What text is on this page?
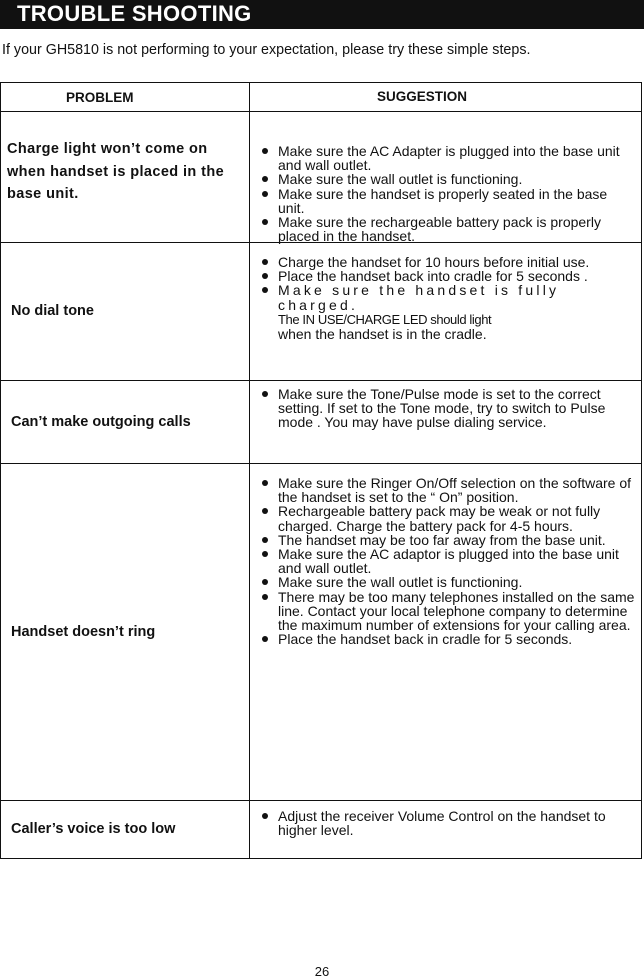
TROUBLE SHOOTING
If your GH5810 is not performing to your expectation, please try these simple steps.
PROBLEM	SUGGESTION
Charge light won’t come on when handset is placed in the base unit.
Make sure the AC Adapter is plugged into the base unit and wall outlet.
Make sure the wall outlet is functioning.
Make sure the handset is properly seated in the base unit.
Make sure the rechargeable battery pack is properly placed in the handset.
No dial tone
Charge the handset for 10 hours before initial use.
Place the handset back into cradle for 5 seconds .
Make sure the handset is fully charged.
The IN USE/CHARGE LED should light
when the handset is in the cradle.
Can’t make outgoing calls
Make sure the Tone/Pulse mode is set to the correct setting. If set to the Tone mode, try to switch to Pulse mode . You may have pulse dialing service.
Handset doesn’t ring
Make sure the Ringer On/Off selection on the software of the handset is set to the “ On” position.
Rechargeable battery pack may be weak or not fully charged. Charge the battery pack for 4-5 hours.
The handset may be too far away from the base unit.
Make sure the AC adaptor is plugged into the base unit and wall outlet.
Make sure the wall outlet is functioning.
There may be too many telephones installed on the same line. Contact your local telephone company to determine the maximum number of extensions for your calling area.
Place the handset back in cradle for 5 seconds.
Caller’s voice is too low
Adjust the receiver Volume Control on the handset to higher level.
26
